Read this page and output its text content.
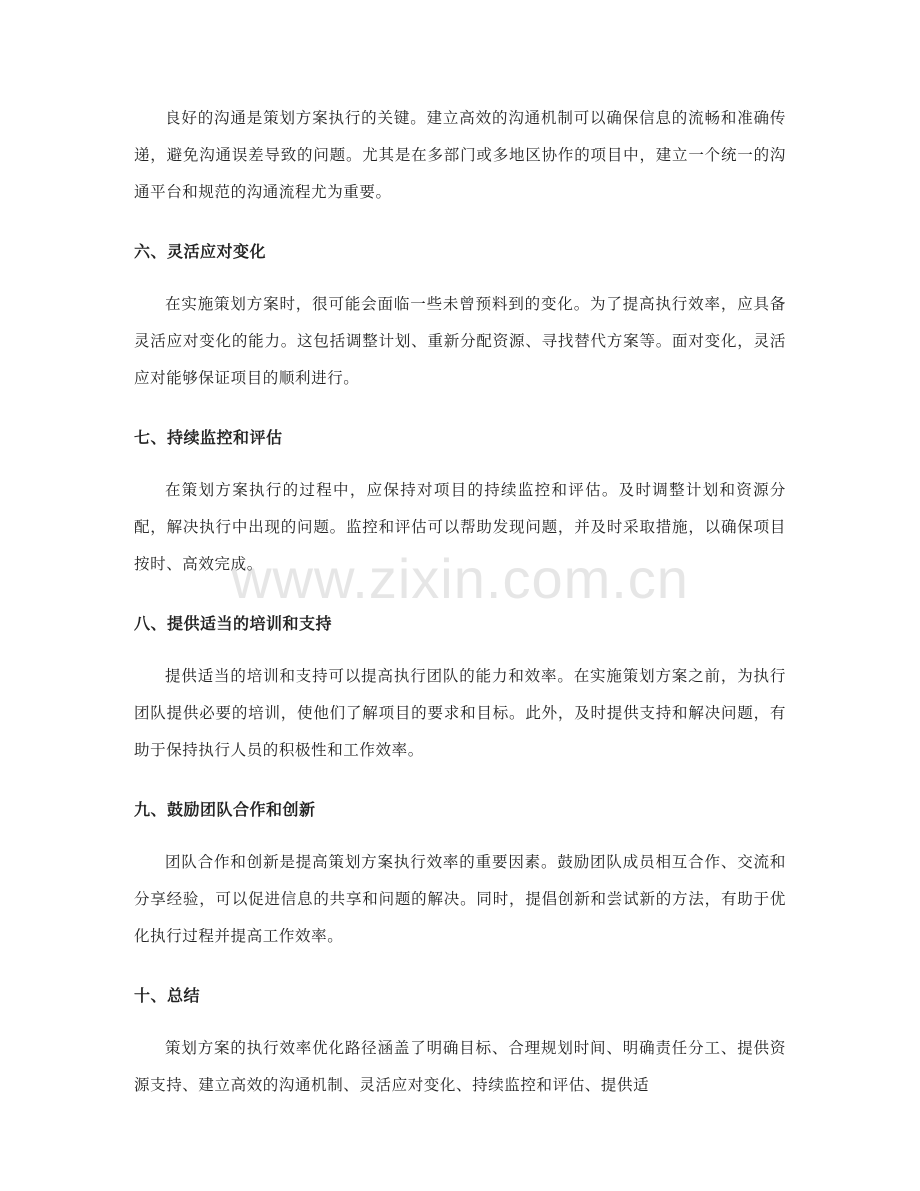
www.zixin.com.cn

良好的沟通是策划方案执行的关键。建立高效的沟通机制可以确保信息的流畅和准确传递，避免沟通误差导致的问题。尤其是在多部门或多地区协作的项目中，建立一个统一的沟通平台和规范的沟通流程尤为重要。

六、灵活应对变化

在实施策划方案时，很可能会面临一些未曾预料到的变化。为了提高执行效率，应具备灵活应对变化的能力。这包括调整计划、重新分配资源、寻找替代方案等。面对变化，灵活应对能够保证项目的顺利进行。

七、持续监控和评估

在策划方案执行的过程中，应保持对项目的持续监控和评估。及时调整计划和资源分配，解决执行中出现的问题。监控和评估可以帮助发现问题，并及时采取措施，以确保项目按时、高效完成。

八、提供适当的培训和支持

提供适当的培训和支持可以提高执行团队的能力和效率。在实施策划方案之前，为执行团队提供必要的培训，使他们了解项目的要求和目标。此外，及时提供支持和解决问题，有助于保持执行人员的积极性和工作效率。

九、鼓励团队合作和创新

团队合作和创新是提高策划方案执行效率的重要因素。鼓励团队成员相互合作、交流和分享经验，可以促进信息的共享和问题的解决。同时，提倡创新和尝试新的方法，有助于优化执行过程并提高工作效率。

十、总结

策划方案的执行效率优化路径涵盖了明确目标、合理规划时间、明确责任分工、提供资源支持、建立高效的沟通机制、灵活应对变化、持续监控和评估、提供适
